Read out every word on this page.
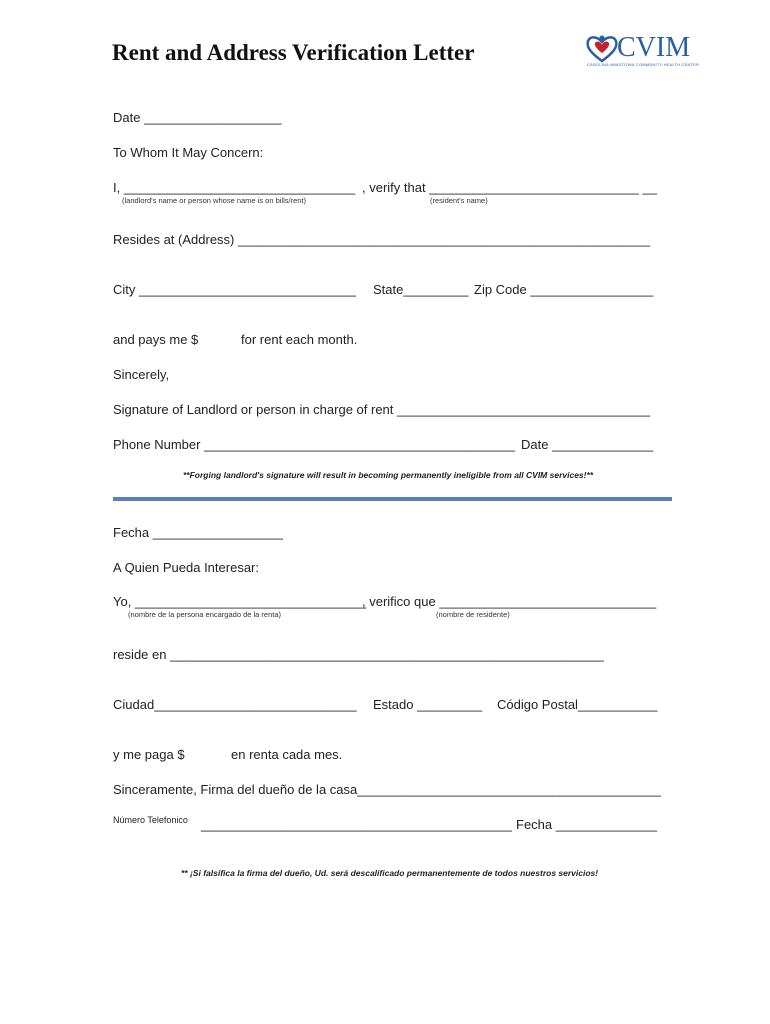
Rent and Address Verification Letter	CVIM
CAROLINA WINDTOWN COMMUNITY HEALTH CENTER
Date ___________________
To Whom It May Concern:
I, ________________________________ , verify that _____________________________ __
(landlord's name or person whose name is on bills/rent)	(resident's name)
Resides at (Address) _________________________________________________________
City ______________________________ State_________ Zip Code _________________
and pays me $	for rent each month.
Sincerely,
Signature of Landlord or person in charge of rent ___________________________________
Phone Number ___________________________________________ Date ______________
**Forging landlord's signature will result in becoming permanently ineligible from all CVIM services!**
Fecha __________________
A Quien Pueda Interesar:
Yo, ________________________________
, verifico que ______________________________
(nombre de la persona encargado de la renta)	(nombre de residente)
reside en ____________________________________________________________
Ciudad____________________________ Estado _________ Código Postal___________
y me paga $	en renta cada mes.
Sinceramente, Firma del dueño de la casa__________________________________________
Número Telefonico ___________________________________________ Fecha ______________
** ¡Si falsifica la firma del dueño, Ud. será descalificado permanentemente de todos nuestros servicios!
